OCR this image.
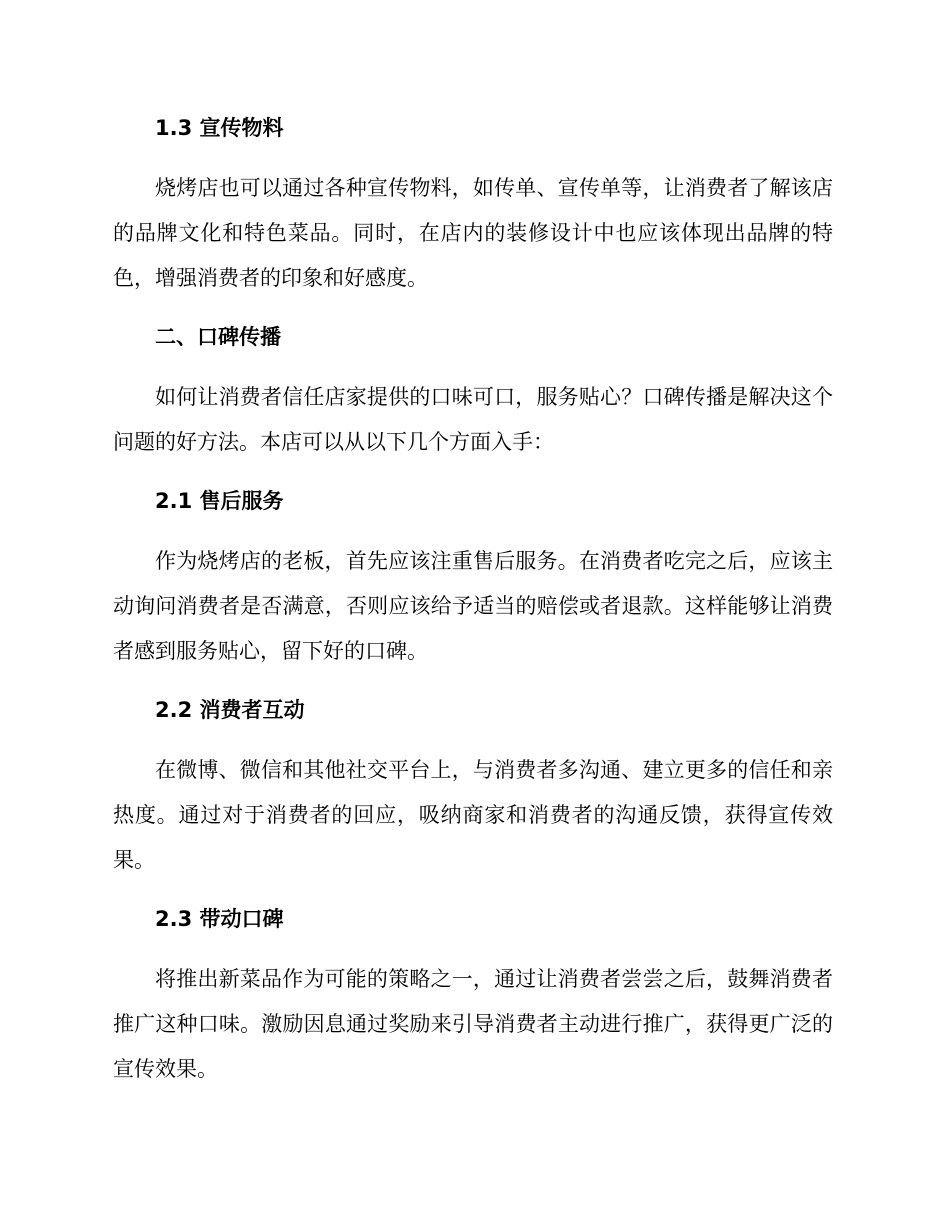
1.3 宣传物料

烧烤店也可以通过各种宣传物料，如传单、宣传单等，让消费者了解该店的品牌文化和特色菜品。同时，在店内的装修设计中也应该体现出品牌的特色，增强消费者的印象和好感度。

二、口碑传播

如何让消费者信任店家提供的口味可口，服务贴心？口碑传播是解决这个问题的好方法。本店可以从以下几个方面入手：

2.1 售后服务

作为烧烤店的老板，首先应该注重售后服务。在消费者吃完之后，应该主动询问消费者是否满意，否则应该给予适当的赔偿或者退款。这样能够让消费者感到服务贴心，留下好的口碑。

2.2 消费者互动

在微博、微信和其他社交平台上，与消费者多沟通、建立更多的信任和亲热度。通过对于消费者的回应，吸纳商家和消费者的沟通反馈，获得宣传效果。

2.3 带动口碑

将推出新菜品作为可能的策略之一，通过让消费者尝尝之后，鼓舞消费者推广这种口味。激励因息通过奖励来引导消费者主动进行推广，获得更广泛的宣传效果。
